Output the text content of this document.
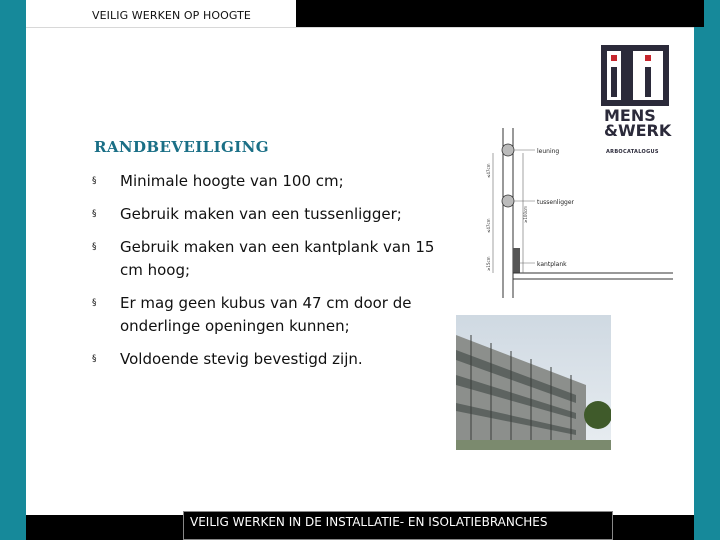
VEILIG WERKEN OP HOOGTE
VEILIG WERKEN IN DE INSTALLATIE- EN ISOLATIEBRANCHES
RANDBEVEILIGING
§ Minimale hoogte van 100 cm;
§ Gebruik maken van een tussenligger;
§ Gebruik maken van een kantplank van 15 cm hoog;
§ Er mag geen kubus van 47 cm door de onderlinge openingen kunnen;
§ Voldoende stevig bevestigd zijn.
MENS
&WERK
ARBOCATALOGUS
leuning
tussenligger
kantplank
≤47cm
≥100cm
≤47cm
≥15cm
